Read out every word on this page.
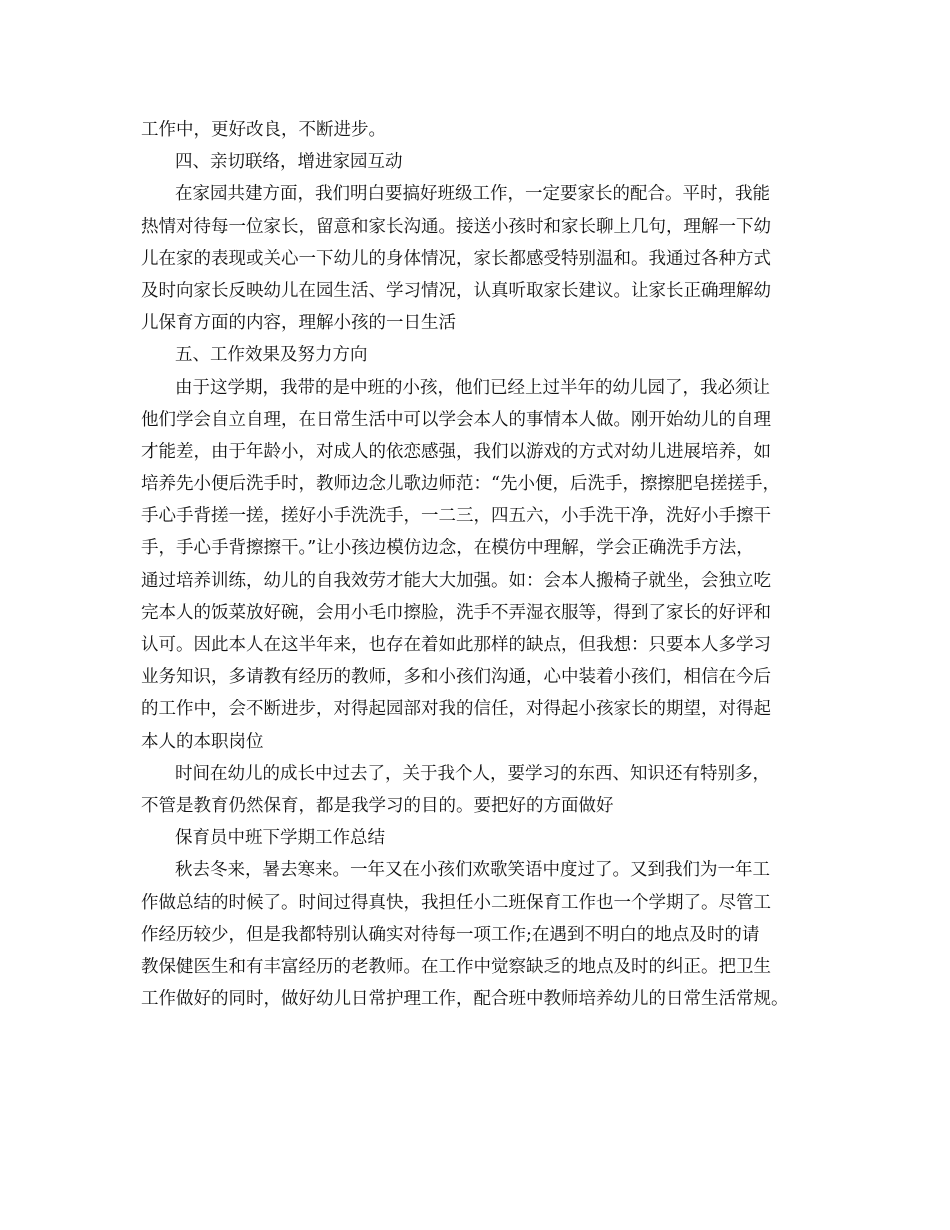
工作中，更好改良，不断进步。
四、亲切联络，增进家园互动
在家园共建方面，我们明白要搞好班级工作，一定要家长的配合。平时，我能
热情对待每一位家长，留意和家长沟通。接送小孩时和家长聊上几句，理解一下幼
儿在家的表现或关心一下幼儿的身体情况，家长都感受特别温和。我通过各种方式
及时向家长反映幼儿在园生活、学习情况，认真听取家长建议。让家长正确理解幼
儿保育方面的内容，理解小孩的一日生活
五、工作效果及努力方向
由于这学期，我带的是中班的小孩，他们已经上过半年的幼儿园了，我必须让
他们学会自立自理，在日常生活中可以学会本人的事情本人做。刚开始幼儿的自理
才能差，由于年龄小，对成人的依恋感强，我们以游戏的方式对幼儿进展培养，如
培养先小便后洗手时，教师边念儿歌边师范：“先小便，后洗手，擦擦肥皂搓搓手，
手心手背搓一搓，搓好小手洗洗手，一二三，四五六，小手洗干净，洗好小手擦干
手，手心手背擦擦干。”让小孩边模仿边念，在模仿中理解，学会正确洗手方法，
通过培养训练，幼儿的自我效劳才能大大加强。如：会本人搬椅子就坐，会独立吃
完本人的饭菜放好碗，会用小毛巾擦脸，洗手不弄湿衣服等，得到了家长的好评和
认可。因此本人在这半年来，也存在着如此那样的缺点，但我想：只要本人多学习
业务知识，多请教有经历的教师，多和小孩们沟通，心中装着小孩们，相信在今后
的工作中，会不断进步，对得起园部对我的信任，对得起小孩家长的期望，对得起
本人的本职岗位
时间在幼儿的成长中过去了，关于我个人，要学习的东西、知识还有特别多，
不管是教育仍然保育，都是我学习的目的。要把好的方面做好
保育员中班下学期工作总结
秋去冬来，暑去寒来。一年又在小孩们欢歌笑语中度过了。又到我们为一年工
作做总结的时候了。时间过得真快，我担任小二班保育工作也一个学期了。尽管工
作经历较少，但是我都特别认确实对待每一项工作;在遇到不明白的地点及时的请
教保健医生和有丰富经历的老教师。在工作中觉察缺乏的地点及时的纠正。把卫生
工作做好的同时，做好幼儿日常护理工作，配合班中教师培养幼儿的日常生活常规。
